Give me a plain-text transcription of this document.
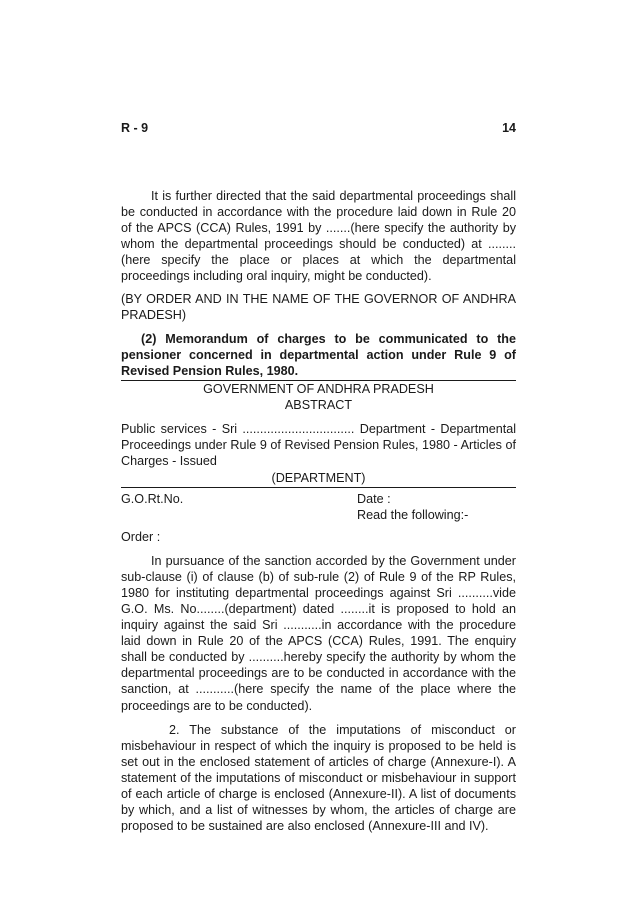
R - 9	14

It is further directed that the said departmental proceedings shall be conducted in accordance with the procedure laid down in Rule 20 of the APCS (CCA) Rules, 1991 by .......(here specify the authority by whom the departmental proceedings should be conducted) at ........(here specify the place or places at which the departmental proceedings including oral inquiry, might be conducted).

(BY ORDER AND IN THE NAME OF THE GOVERNOR OF ANDHRA PRADESH)

(2) Memorandum of charges to be communicated to the pensioner concerned in departmental action under Rule 9 of Revised Pension Rules, 1980.

GOVERNMENT OF ANDHRA PRADESH

ABSTRACT

Public services - Sri ................................ Department - Departmental Proceedings under Rule 9 of Revised Pension Rules, 1980 - Articles of Charges - Issued

(DEPARTMENT)

G.O.Rt.No.	Date :
Read the following:-

Order :

In pursuance of the sanction accorded by the Government under sub-clause (i) of clause (b) of sub-rule (2) of Rule 9 of the RP Rules, 1980 for instituting departmental proceedings against Sri ..........vide G.O. Ms. No........(department) dated ........it is proposed to hold an inquiry against the said Sri ...........in accordance with the procedure laid down in Rule 20 of the APCS (CCA) Rules, 1991. The enquiry shall be conducted by ..........hereby specify the authority by whom the departmental proceedings are to be conducted in accordance with the sanction, at ...........(here specify the name of the place where the proceedings are to be conducted).

2. The substance of the imputations of misconduct or misbehaviour in respect of which the inquiry is proposed to be held is set out in the enclosed statement of articles of charge (Annexure-I). A statement of the imputations of misconduct or misbehaviour in support of each article of charge is enclosed (Annexure-II). A list of documents by which, and a list of witnesses by whom, the articles of charge are proposed to be sustained are also enclosed (Annexure-III and IV).
